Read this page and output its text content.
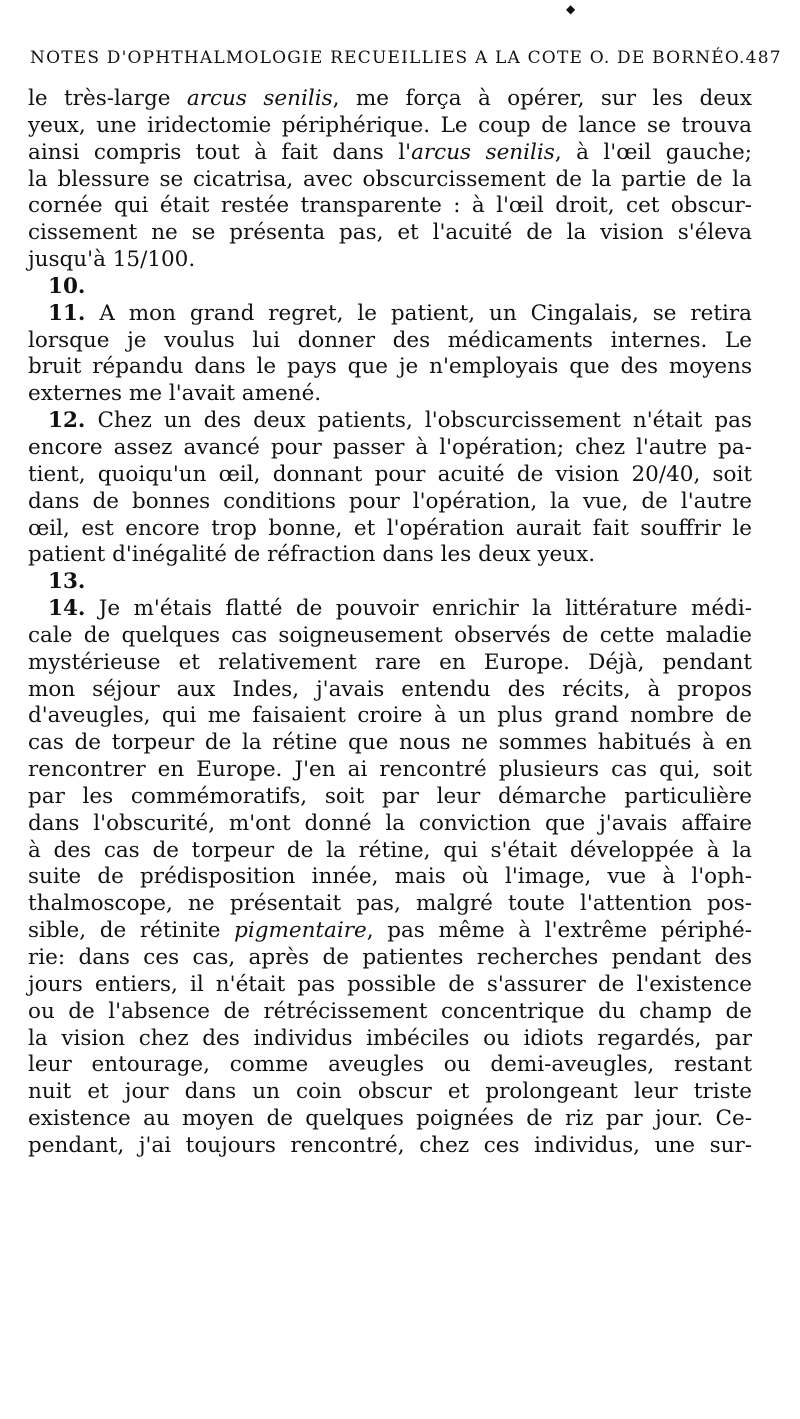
◆
NOTES D'OPHTHALMOLOGIE RECUEILLIES A LA COTE O. DE BORNÉO. 487
le très-large arcus senilis, me força à opérer, sur les deux
yeux, une iridectomie périphérique. Le coup de lance se trouva
ainsi compris tout à fait dans l'arcus senilis, à l'œil gauche;
la blessure se cicatrisa, avec obscurcissement de la partie de la
cornée qui était restée transparente : à l'œil droit, cet obscur-
cissement ne se présenta pas, et l'acuité de la vision s'éleva
jusqu'à 15/100.
10.
11. A mon grand regret, le patient, un Cingalais, se retira
lorsque je voulus lui donner des médicaments internes. Le
bruit répandu dans le pays que je n'employais que des moyens
externes me l'avait amené.
12. Chez un des deux patients, l'obscurcissement n'était pas
encore assez avancé pour passer à l'opération; chez l'autre pa-
tient, quoiqu'un œil, donnant pour acuité de vision 20/40, soit
dans de bonnes conditions pour l'opération, la vue, de l'autre
œil, est encore trop bonne, et l'opération aurait fait souffrir le
patient d'inégalité de réfraction dans les deux yeux.
13.
14. Je m'étais flatté de pouvoir enrichir la littérature médi-
cale de quelques cas soigneusement observés de cette maladie
mystérieuse et relativement rare en Europe. Déjà, pendant
mon séjour aux Indes, j'avais entendu des récits, à propos
d'aveugles, qui me faisaient croire à un plus grand nombre de
cas de torpeur de la rétine que nous ne sommes habitués à en
rencontrer en Europe. J'en ai rencontré plusieurs cas qui, soit
par les commémoratifs, soit par leur démarche particulière
dans l'obscurité, m'ont donné la conviction que j'avais affaire
à des cas de torpeur de la rétine, qui s'était développée à la
suite de prédisposition innée, mais où l'image, vue à l'oph-
thalmoscope, ne présentait pas, malgré toute l'attention pos-
sible, de rétinite pigmentaire, pas même à l'extrême périphé-
rie: dans ces cas, après de patientes recherches pendant des
jours entiers, il n'était pas possible de s'assurer de l'existence
ou de l'absence de rétrécissement concentrique du champ de
la vision chez des individus imbéciles ou idiots regardés, par
leur entourage, comme aveugles ou demi-aveugles, restant
nuit et jour dans un coin obscur et prolongeant leur triste
existence au moyen de quelques poignées de riz par jour. Ce-
pendant, j'ai toujours rencontré, chez ces individus, une sur-
